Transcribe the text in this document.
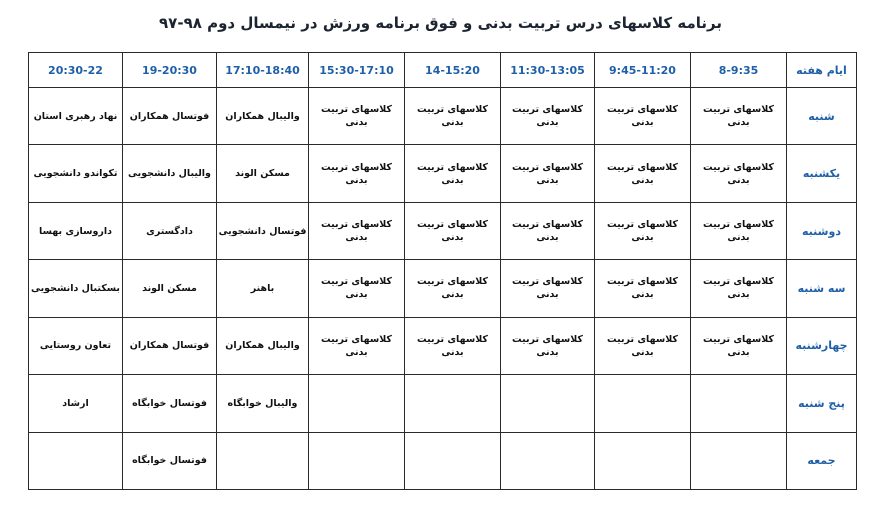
برنامه کلاسهای درس تربیت بدنی و فوق برنامه ورزش در نیمسال دوم ۹۸-۹۷
ایام هفته	8-9:35	9:45-11:20	11:30-13:05	14-15:20	15:30-17:10	17:10-18:40	19-20:30	20:30-22
شنبه	کلاسهای تربیت بدنی	کلاسهای تربیت بدنی	کلاسهای تربیت بدنی	کلاسهای تربیت بدنی	کلاسهای تربیت بدنی	والیبال همکاران	فوتسال همکاران	نهاد رهبری استان
یکشنبه	کلاسهای تربیت بدنی	کلاسهای تربیت بدنی	کلاسهای تربیت بدنی	کلاسهای تربیت بدنی	کلاسهای تربیت بدنی	مسکن الوند	والیبال دانشجویی	تکواندو دانشجویی
دوشنبه	کلاسهای تربیت بدنی	کلاسهای تربیت بدنی	کلاسهای تربیت بدنی	کلاسهای تربیت بدنی	کلاسهای تربیت بدنی	فوتسال دانشجویی	دادگستری	داروسازی بهسا
سه شنبه	کلاسهای تربیت بدنی	کلاسهای تربیت بدنی	کلاسهای تربیت بدنی	کلاسهای تربیت بدنی	کلاسهای تربیت بدنی	باهنر	مسکن الوند	بسکتبال دانشجویی
چهارشنبه	کلاسهای تربیت بدنی	کلاسهای تربیت بدنی	کلاسهای تربیت بدنی	کلاسهای تربیت بدنی	کلاسهای تربیت بدنی	والیبال همکاران	فوتسال همکاران	تعاون روستایی
پنج شنبه						والیبال خوابگاه	فوتسال خوابگاه	ارشاد
جمعه							فوتسال خوابگاه	
